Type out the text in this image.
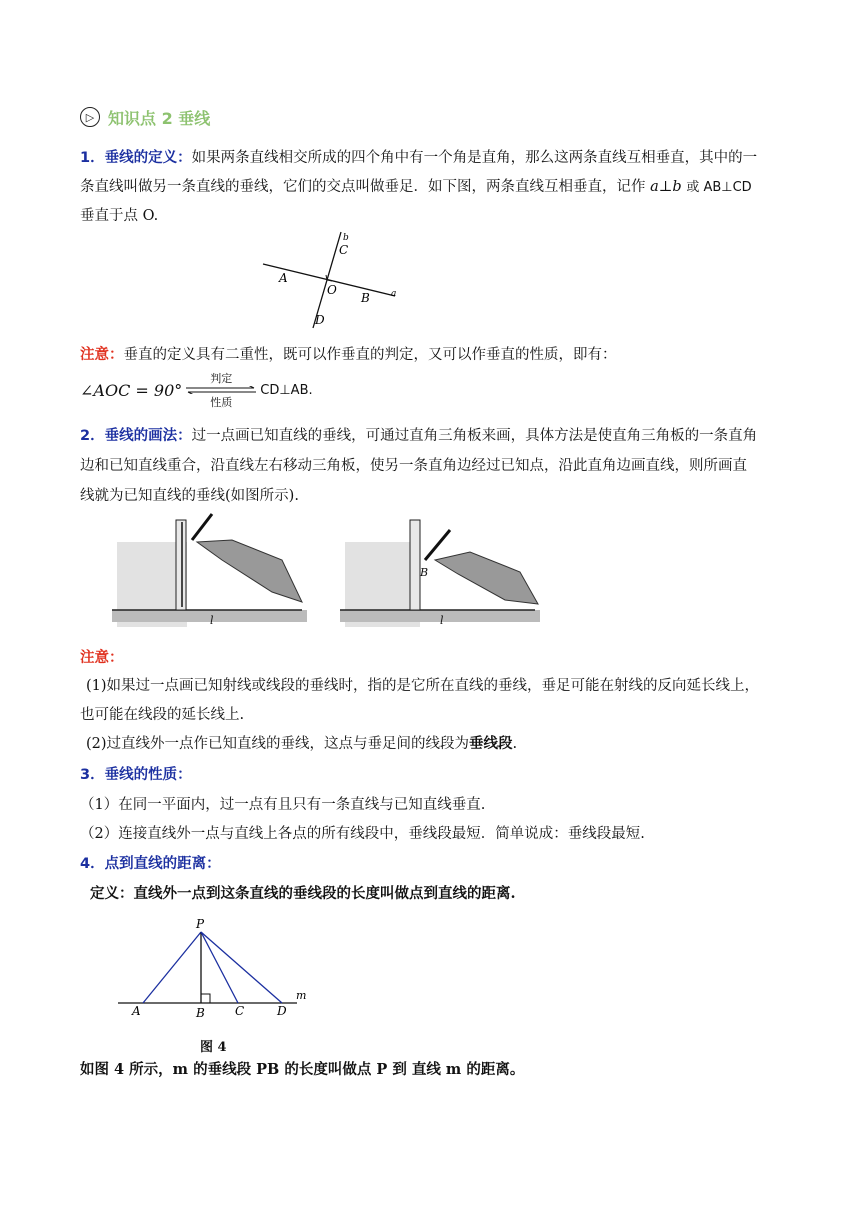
▷ 知识点 2 垂线
1．垂线的定义：如果两条直线相交所成的四个角中有一个角是直角，那么这两条直线互相垂直，其中的一
条直线叫做另一条直线的垂线，它们的交点叫做垂足．如下图，两条直线互相垂直，记作 a⊥b 或 AB⊥CD
垂直于点 O.
b
C
A
O
B a
D
注意：垂直的定义具有二重性，既可以作垂直的判定，又可以作垂直的性质，即有：
∠AOC = 90°
判定
性质
CD⊥AB.
2．垂线的画法：过一点画已知直线的垂线，可通过直角三角板来画，具体方法是使直角三角板的一条直角
边和已知直线重合，沿直线左右移动三角板，使另一条直角边经过已知点，沿此直角边画直线，则所画直
线就为已知直线的垂线(如图所示).
l
B
l
注意：
(1)如果过一点画已知射线或线段的垂线时，指的是它所在直线的垂线，垂足可能在射线的反向延长线上，
也可能在线段的延长线上.
(2)过直线外一点作已知直线的垂线，这点与垂足间的线段为垂线段.
3．垂线的性质：
（1）在同一平面内，过一点有且只有一条直线与已知直线垂直.
（2）连接直线外一点与直线上各点的所有线段中，垂线段最短．简单说成：垂线段最短.
4．点到直线的距离：
定义：直线外一点到这条直线的垂线段的长度叫做点到直线的距离.
P
A	B	C	D
m
图 4
如图 4 所示，m 的垂线段 PB 的长度叫做点 P 到 直线 m 的距离。
